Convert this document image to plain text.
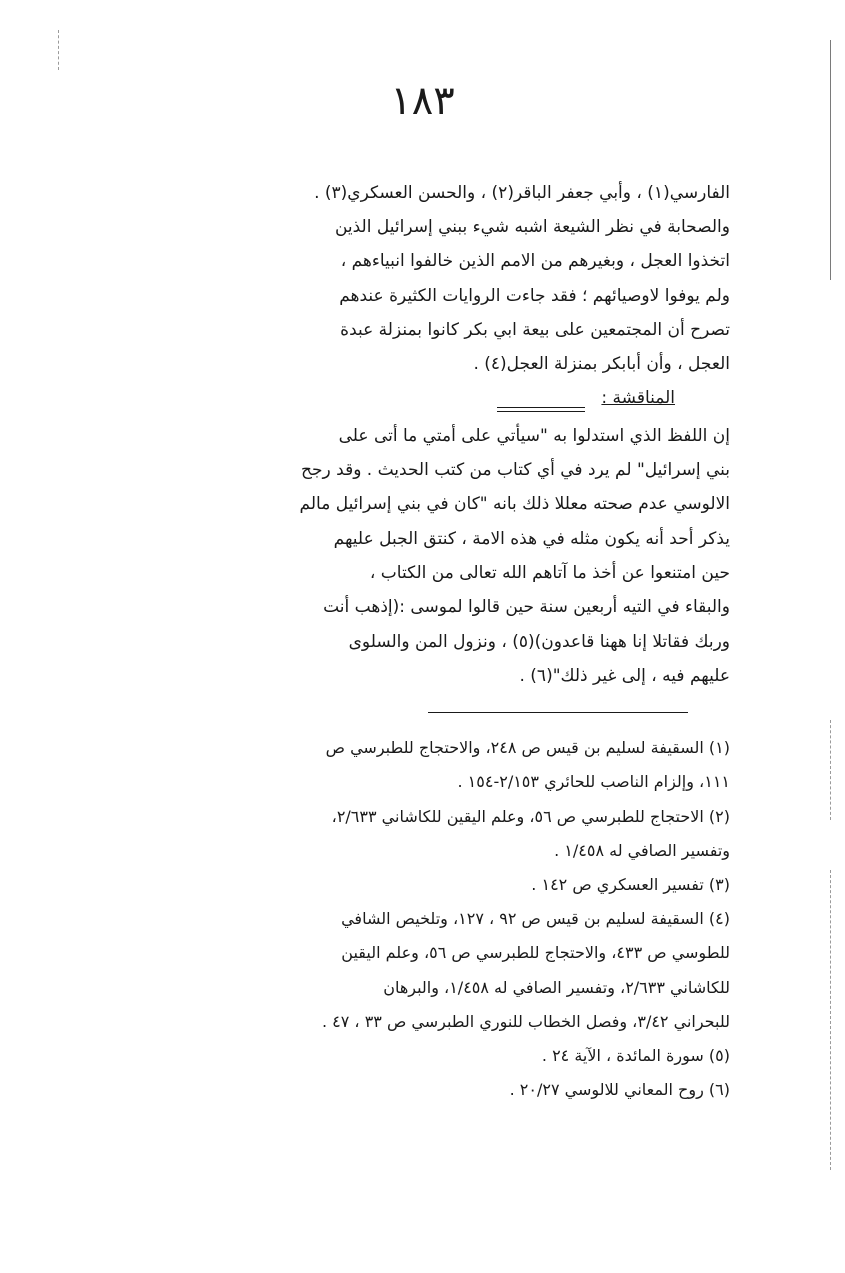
١٨٣
الفارسي(١) ، وأبي جعفر الباقر(٢) ، والحسن العسكري(٣) .
والصحابة في نظر الشيعة اشبه شيء ببني إسرائيل الذين
اتخذوا العجل ، وبغيرهم من الامم الذين خالفوا انبياءهم ،
ولم يوفوا لاوصيائهم ؛ فقد جاءت الروايات الكثيرة عندهم
تصرح أن المجتمعين على بيعة ابي بكر كانوا بمنزلة عبدة
العجل ، وأن أبابكر بمنزلة العجل(٤) .
المناقشة :
إن اللفظ الذي استدلوا به "سيأتي على أمتي ما أتى على
بني إسرائيل" لم يرد في أي كتاب من كتب الحديث . وقد رجح
الالوسي عدم صحته معللا ذلك بانه "كان في بني إسرائيل مالم
يذكر أحد أنه يكون مثله في هذه الامة ، كنتق الجبل عليهم
حين امتنعوا عن أخذ ما آتاهم الله تعالى من الكتاب ،
والبقاء في التيه أربعين سنة حين قالوا لموسى :(إذهب أنت
وربك فقاتلا إنا ههنا قاعدون)(٥) ، ونزول المن والسلوى
عليهم فيه ، إلى غير ذلك"(٦) .
(١) السقيفة لسليم بن قيس ص ٢٤٨، والاحتجاج للطبرسي ص
١١١، وإلزام الناصب للحائري ٢/١٥٣-١٥٤ .
(٢) الاحتجاج للطبرسي ص ٥٦، وعلم اليقين للكاشاني ٢/٦٣٣،
وتفسير الصافي له ١/٤٥٨ .
(٣) تفسير العسكري ص ١٤٢ .
(٤) السقيفة لسليم بن قيس ص ٩٢ ، ١٢٧، وتلخيص الشافي
للطوسي ص ٤٣٣، والاحتجاج للطبرسي ص ٥٦، وعلم اليقين
للكاشاني ٢/٦٣٣، وتفسير الصافي له ١/٤٥٨، والبرهان
للبحراني ٣/٤٢، وفصل الخطاب للنوري الطبرسي ص ٣٣ ، ٤٧ .
(٥) سورة المائدة ، الآية ٢٤ .
(٦) روح المعاني للالوسي ٢٠/٢٧ .
